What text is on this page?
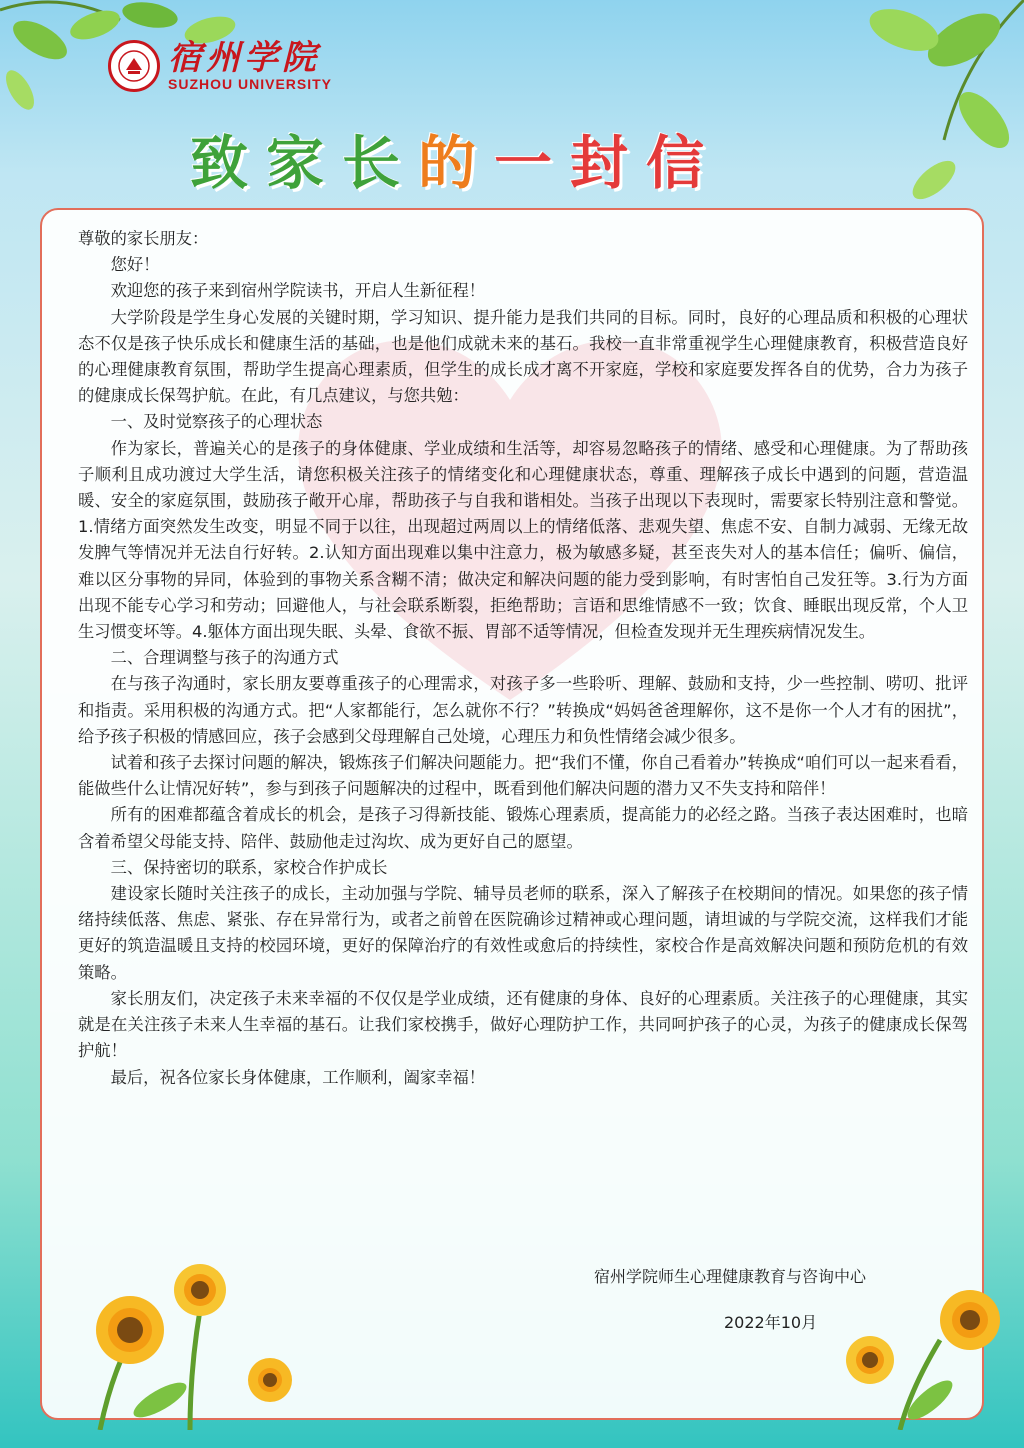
宿州学院
SUZHOU UNIVERSITY
致家长的一封信

尊敬的家长朋友：

您好！

欢迎您的孩子来到宿州学院读书，开启人生新征程！

大学阶段是学生身心发展的关键时期，学习知识、提升能力是我们共同的目标。同时，良好的心理品质和积极的心理状态不仅是孩子快乐成长和健康生活的基础，也是他们成就未来的基石。我校一直非常重视学生心理健康教育，积极营造良好的心理健康教育氛围，帮助学生提高心理素质，但学生的成长成才离不开家庭，学校和家庭要发挥各自的优势，合力为孩子的健康成长保驾护航。在此，有几点建议，与您共勉：

一、及时觉察孩子的心理状态

作为家长，普遍关心的是孩子的身体健康、学业成绩和生活等，却容易忽略孩子的情绪、感受和心理健康。为了帮助孩子顺利且成功渡过大学生活，请您积极关注孩子的情绪变化和心理健康状态，尊重、理解孩子成长中遇到的问题，营造温暖、安全的家庭氛围，鼓励孩子敞开心扉，帮助孩子与自我和谐相处。当孩子出现以下表现时，需要家长特别注意和警觉。1.情绪方面突然发生改变，明显不同于以往，出现超过两周以上的情绪低落、悲观失望、焦虑不安、自制力减弱、无缘无故发脾气等情况并无法自行好转。2.认知方面出现难以集中注意力，极为敏感多疑，甚至丧失对人的基本信任；偏听、偏信，难以区分事物的异同，体验到的事物关系含糊不清；做决定和解决问题的能力受到影响，有时害怕自己发狂等。3.行为方面出现不能专心学习和劳动；回避他人，与社会联系断裂，拒绝帮助；言语和思维情感不一致；饮食、睡眠出现反常，个人卫生习惯变坏等。4.躯体方面出现失眠、头晕、食欲不振、胃部不适等情况，但检查发现并无生理疾病情况发生。

二、合理调整与孩子的沟通方式

在与孩子沟通时，家长朋友要尊重孩子的心理需求，对孩子多一些聆听、理解、鼓励和支持，少一些控制、唠叨、批评和指责。采用积极的沟通方式。把“人家都能行，怎么就你不行？”转换成“妈妈爸爸理解你，这不是你一个人才有的困扰”，给予孩子积极的情感回应，孩子会感到父母理解自己处境，心理压力和负性情绪会减少很多。

试着和孩子去探讨问题的解决，锻炼孩子们解决问题能力。把“我们不懂，你自己看着办”转换成“咱们可以一起来看看，能做些什么让情况好转”，参与到孩子问题解决的过程中，既看到他们解决问题的潜力又不失支持和陪伴！

所有的困难都蕴含着成长的机会，是孩子习得新技能、锻炼心理素质，提高能力的必经之路。当孩子表达困难时，也暗含着希望父母能支持、陪伴、鼓励他走过沟坎、成为更好自己的愿望。

三、保持密切的联系，家校合作护成长

建设家长随时关注孩子的成长，主动加强与学院、辅导员老师的联系，深入了解孩子在校期间的情况。如果您的孩子情绪持续低落、焦虑、紧张、存在异常行为，或者之前曾在医院确诊过精神或心理问题，请坦诚的与学院交流，这样我们才能更好的筑造温暖且支持的校园环境，更好的保障治疗的有效性或愈后的持续性，家校合作是高效解决问题和预防危机的有效策略。

家长朋友们，决定孩子未来幸福的不仅仅是学业成绩，还有健康的身体、良好的心理素质。关注孩子的心理健康，其实就是在关注孩子未来人生幸福的基石。让我们家校携手，做好心理防护工作，共同呵护孩子的心灵，为孩子的健康成长保驾护航！

最后，祝各位家长身体健康，工作顺利，阖家幸福！

宿州学院师生心理健康教育与咨询中心
2022年10月
